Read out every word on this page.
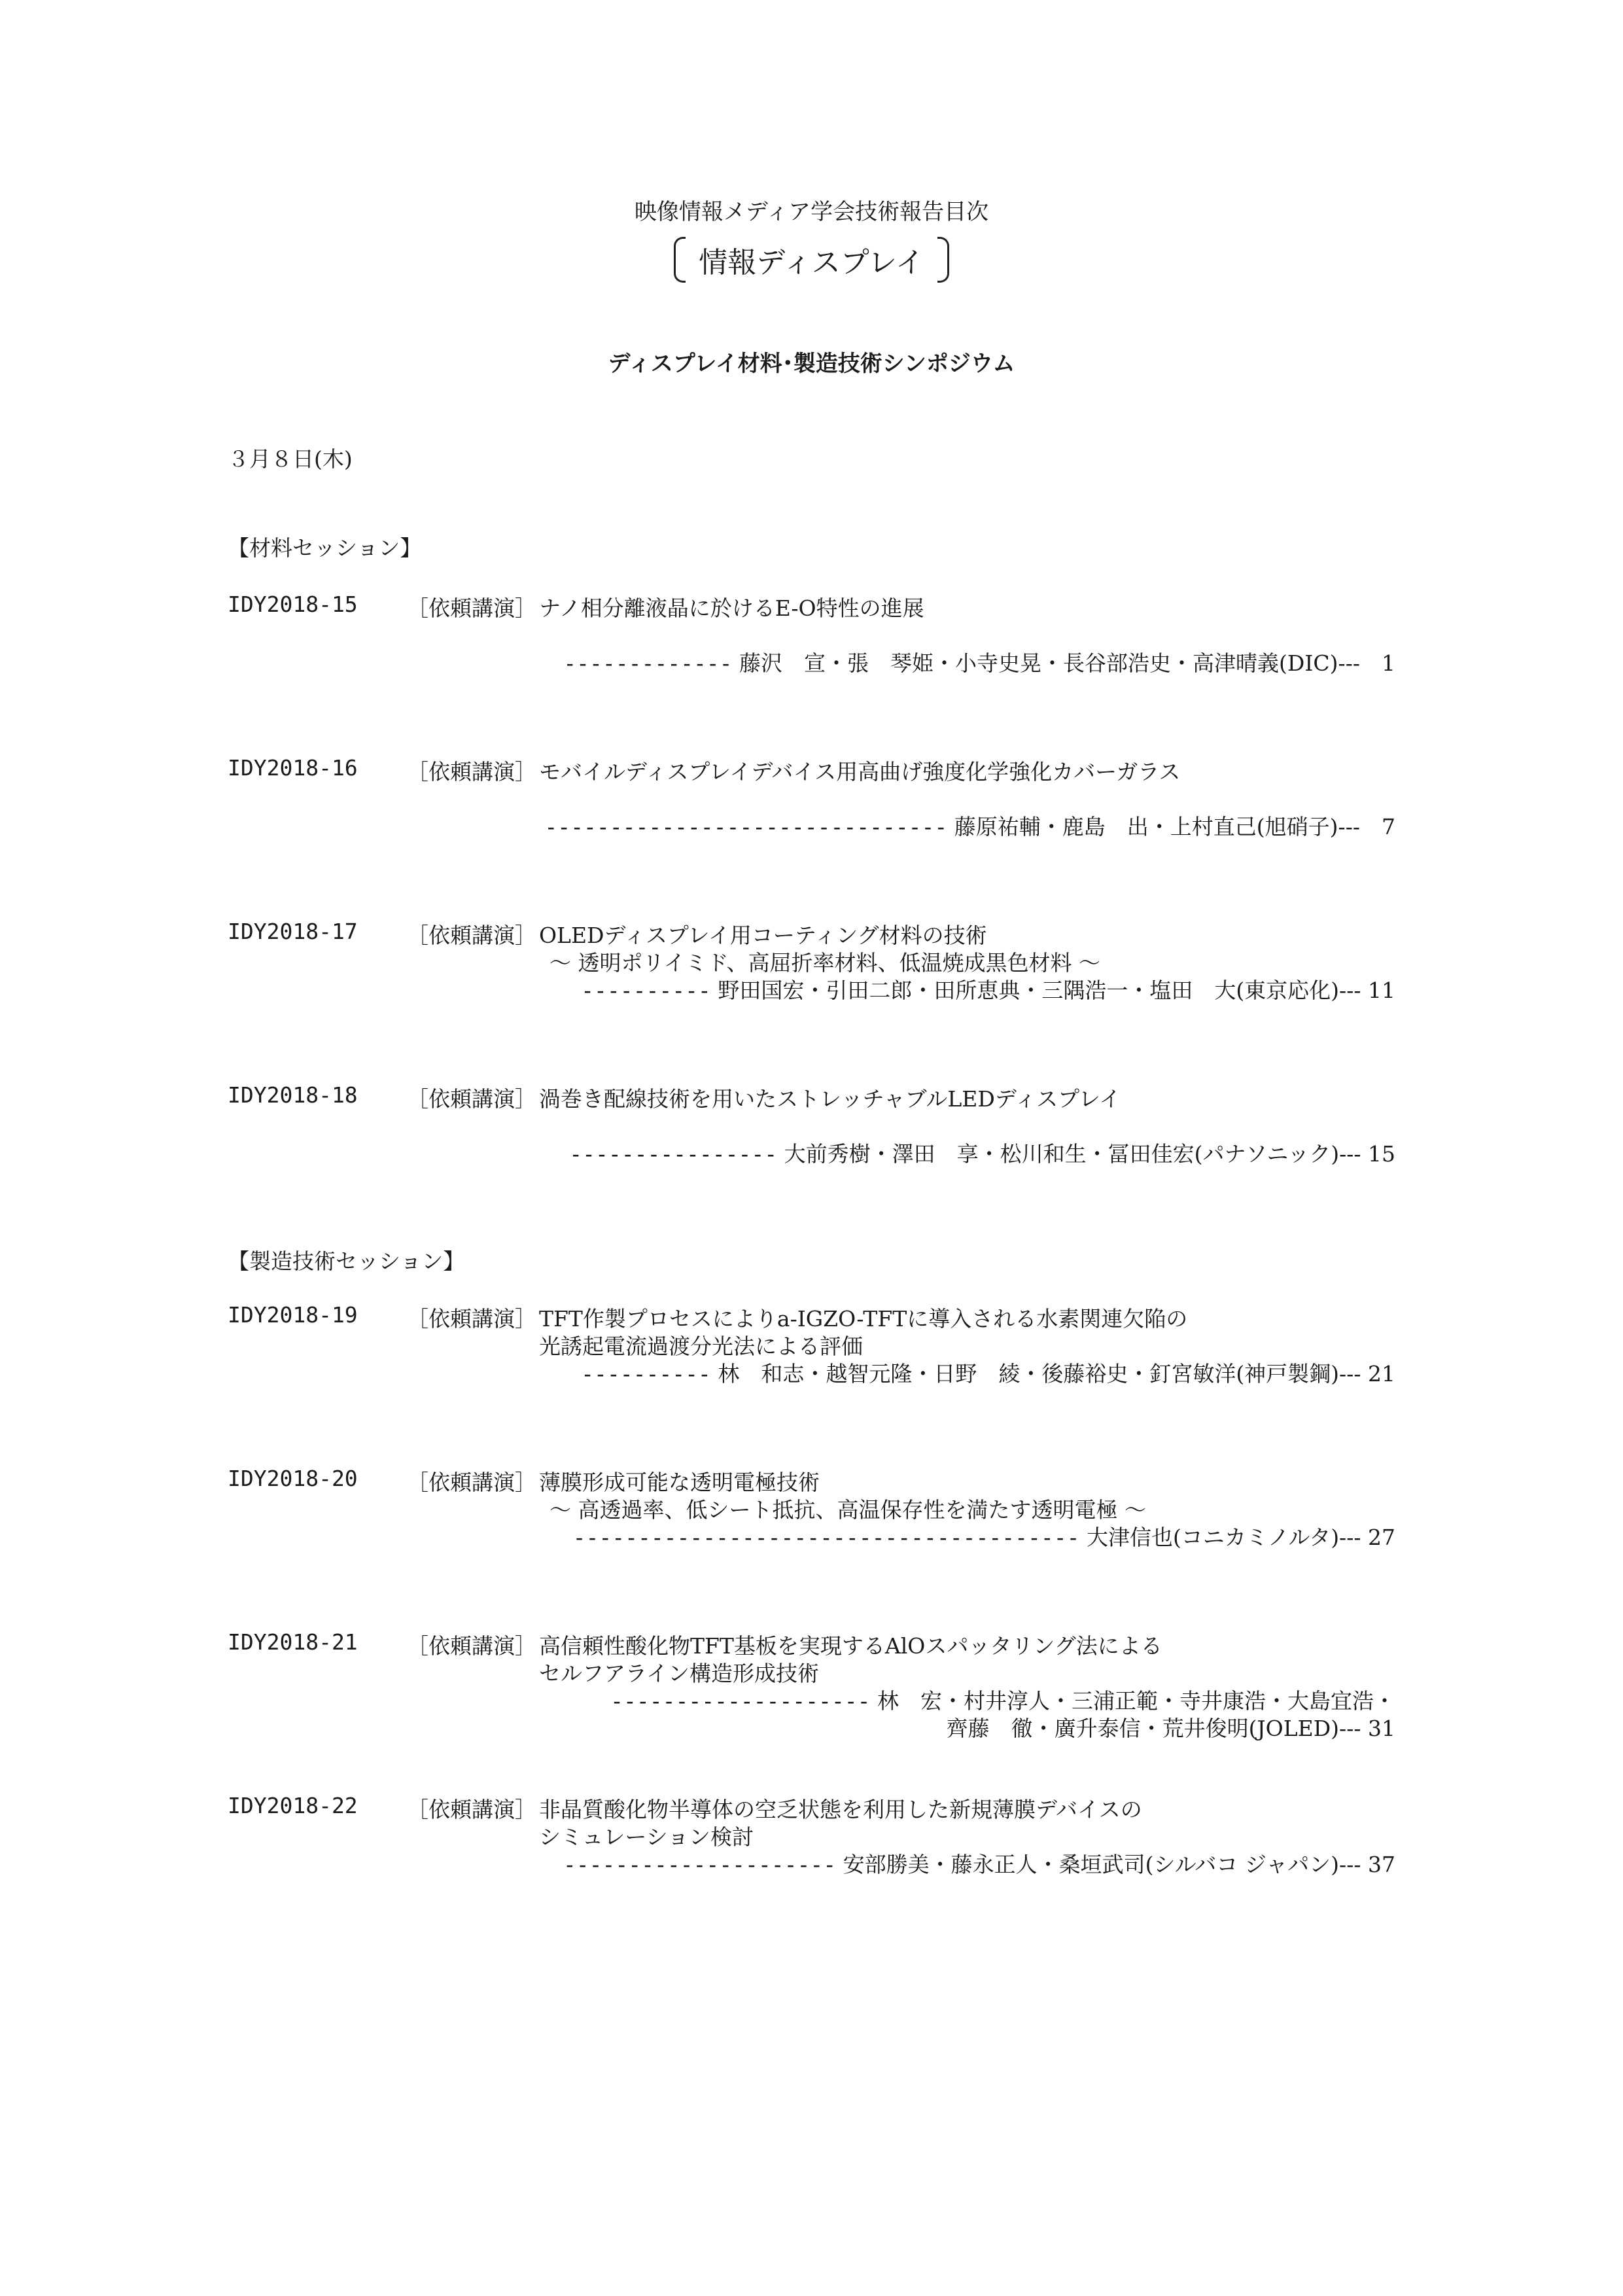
映像情報メディア学会技術報告目次
情報ディスプレイ
ディスプレイ材料･製造技術シンポジウム
３月８日(木)
【材料セッション】
IDY2018-15 ［依頼講演］ ナノ相分離液晶に於けるE-O特性の進展
------------- 藤沢　宣・張　琴姫・小寺史晃・長谷部浩史・高津晴義(DIC)---　1
IDY2018-16 ［依頼講演］ モバイルディスプレイデバイス用高曲げ強度化学強化カバーガラス
------------------------------- 藤原祐輔・鹿島　出・上村直己(旭硝子)---　7
IDY2018-17 ［依頼講演］ OLEDディスプレイ用コーティング材料の技術
～ 透明ポリイミド、高屈折率材料、低温焼成黒色材料 ～
---------- 野田国宏・引田二郎・田所恵典・三隅浩一・塩田　大(東京応化)--- 11
IDY2018-18 ［依頼講演］ 渦巻き配線技術を用いたストレッチャブルLEDディスプレイ
---------------- 大前秀樹・澤田　享・松川和生・冨田佳宏(パナソニック)--- 15
【製造技術セッション】
IDY2018-19 ［依頼講演］ TFT作製プロセスによりa-IGZO-TFTに導入される水素関連欠陥の
光誘起電流過渡分光法による評価
---------- 林　和志・越智元隆・日野　綾・後藤裕史・釘宮敏洋(神戸製鋼)--- 21
IDY2018-20 ［依頼講演］ 薄膜形成可能な透明電極技術
～ 高透過率、低シート抵抗、高温保存性を満たす透明電極 ～
--------------------------------------- 大津信也(コニカミノルタ)--- 27
IDY2018-21 ［依頼講演］ 高信頼性酸化物TFT基板を実現するAlOスパッタリング法による
セルフアライン構造形成技術
-------------------- 林　宏・村井淳人・三浦正範・寺井康浩・大島宜浩・
齊藤　徹・廣升泰信・荒井俊明(JOLED)--- 31
IDY2018-22 ［依頼講演］ 非晶質酸化物半導体の空乏状態を利用した新規薄膜デバイスの
シミュレーション検討
--------------------- 安部勝美・藤永正人・桑垣武司(シルバコ ジャパン)--- 37
